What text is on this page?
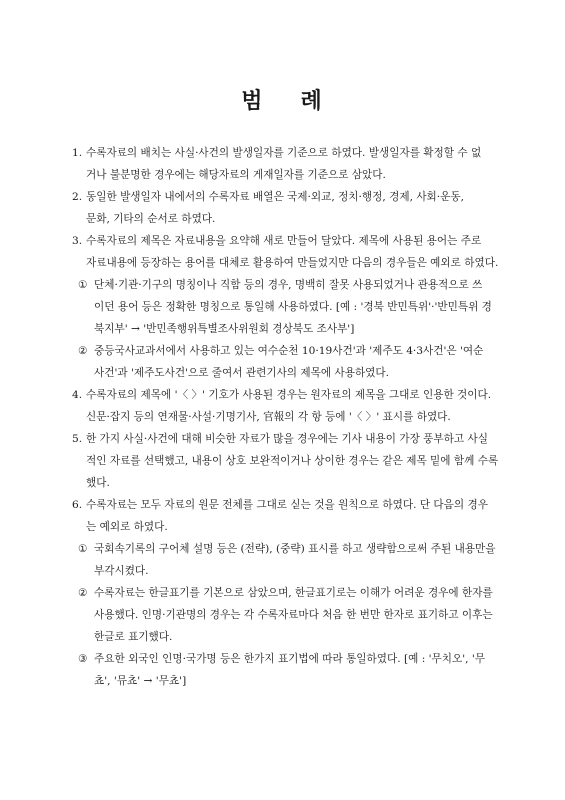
범 례
1. 수록자료의 배치는 사실·사건의 발생일자를 기준으로 하였다. 발생일자를 확정할 수 없
거나 불분명한 경우에는 해당자료의 게재일자를 기준으로 삼았다.
2. 동일한 발생일자 내에서의 수록자료 배열은 국제·외교, 정치·행정, 경제, 사회·운동,
문화, 기타의 순서로 하였다.
3. 수록자료의 제목은 자료내용을 요약해 새로 만들어 달았다. 제목에 사용된 용어는 주로
자료내용에 등장하는 용어를 대체로 활용하여 만들었지만 다음의 경우들은 예외로 하였다.
① 단체·기관·기구의 명칭이나 직함 등의 경우, 명백히 잘못 사용되었거나 관용적으로 쓰
이던 용어 등은 정확한 명칭으로 통일해 사용하였다. [예 : '경북 반민특위'·'반민특위 경
북지부' → '반민족행위특별조사위원회 경상북도 조사부']
② 중등국사교과서에서 사용하고 있는 여수순천 10·19사건'과 '제주도 4·3사건'은 '여순
사건'과 '제주도사건'으로 줄여서 관련기사의 제목에 사용하였다.
4. 수록자료의 제목에 '〈 〉' 기호가 사용된 경우는 원자료의 제목을 그대로 인용한 것이다.
신문·잡지 등의 연재물·사설·기명기사, 官報의 각 항 등에 '〈 〉' 표시를 하였다.
5. 한 가지 사실·사건에 대해 비슷한 자료가 많을 경우에는 기사 내용이 가장 풍부하고 사실
적인 자료를 선택했고, 내용이 상호 보완적이거나 상이한 경우는 같은 제목 밑에 함께 수록
했다.
6. 수록자료는 모두 자료의 원문 전체를 그대로 싣는 것을 원칙으로 하였다. 단 다음의 경우
는 예외로 하였다.
① 국회속기록의 구어체 설명 등은 (전략), (중략) 표시를 하고 생략함으로써 주된 내용만을
부각시켰다.
② 수록자료는 한글표기를 기본으로 삼았으며, 한글표기로는 이해가 어려운 경우에 한자를
사용했다. 인명·기관명의 경우는 각 수록자료마다 처음 한 번만 한자로 표기하고 이후는
한글로 표기했다.
③ 주요한 외국인 인명·국가명 등은 한가지 표기법에 따라 통일하였다. [예 : '무치오', '무
쵸', '뮤쵸' → '무쵸']
